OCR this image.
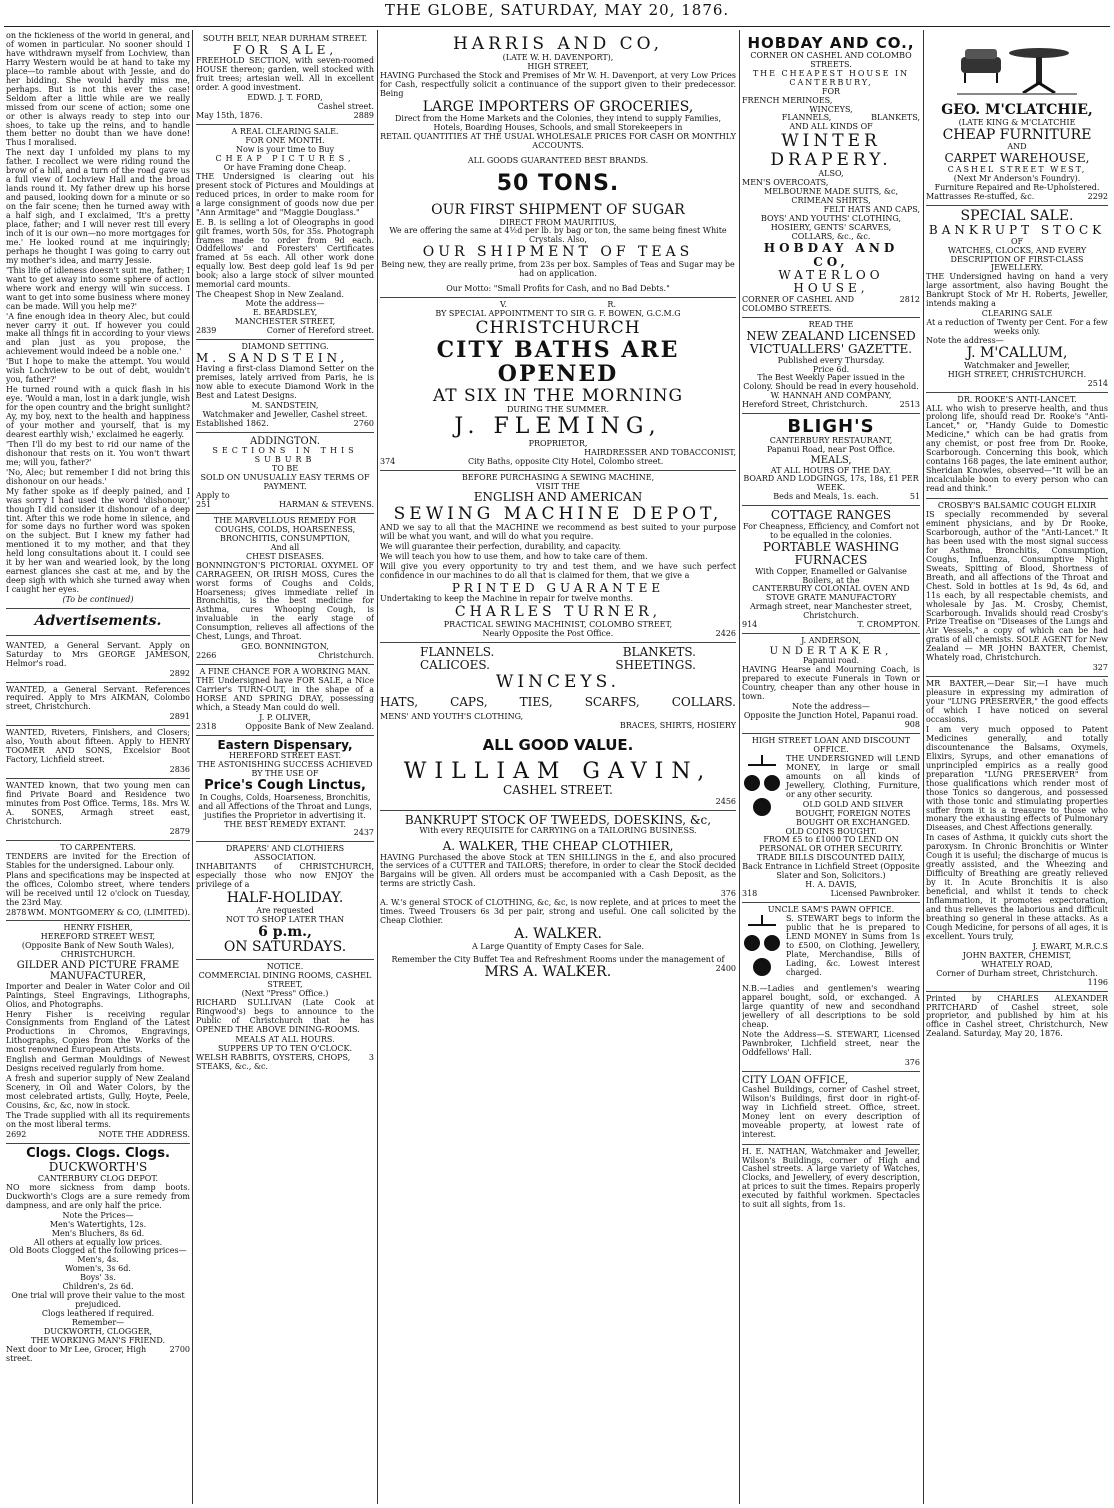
THE GLOBE, SATURDAY, MAY 20, 1876.

on the fickleness of the world in general, and of women in particular. No sooner should I have withdrawn myself from Lochview, than Harry Western would be at hand to take my place—to ramble about with Jessie, and do her bidding. She would hardly miss me, perhaps. But is not this ever the case! Seldom after a little while are we really missed from our scene of action; some one or other is always ready to step into our shoes, to take up the reins, and to handle them better no doubt than we have done! Thus I moralised.

The next day I unfolded my plans to my father. I recollect we were riding round the brow of a hill, and a turn of the road gave us a full view of Lochview Hall and the broad lands round it. My father drew up his horse and paused, looking down for a minute or so on the fair scene; then he turned away with a half sigh, and I exclaimed, 'It's a pretty place, father; and I will never rest till every inch of it is our own—no more mortgages for me.' He looked round at me inquiringly; perhaps he thought I was going to carry out my mother's idea, and marry Jessie.

'This life of idleness doesn't suit me, father; I want to get away into some sphere of action where work and energy will win success. I want to get into some business where money can be made. Will you help me?'

'A fine enough idea in theory Alec, but could never carry it out. If however you could make all things fit in according to your views and plan just as you propose, the achievement would indeed be a noble one.'

'But I hope to make the attempt. You would wish Lochview to be out of debt, wouldn't you, father?'

He turned round with a quick flash in his eye. 'Would a man, lost in a dark jungle, wish for the open country and the bright sunlight? Ay, my boy, next to the health and happiness of your mother and yourself, that is my dearest earthly wish,' exclaimed he eagerly.

'Then I'll do my best to rid our name of the dishonour that rests on it. You won't thwart me; will you, father?'

'No, Alec; but remember I did not bring this dishonour on our heads.'

My father spoke as if deeply pained, and I was sorry I had used the word 'dishonour,' though I did consider it dishonour of a deep tint. After this we rode home in silence, and for some days no further word was spoken on the subject. But I knew my father had mentioned it to my mother, and that they held long consultations about it. I could see it by her wan and wearied look, by the long earnest glances she cast at me, and by the deep sigh with which she turned away when I caught her eyes.

(To be continued)

Advertisements.

WANTED, a General Servant. Apply on Saturday to Mrs GEORGE JAMESON, Helmor's road.

2892

WANTED, a General Servant. References required. Apply to Mrs AIKMAN, Colombo street, Christchurch.

2891

WANTED, Riveters, Finishers, and Closers; also, Youth about fifteen. Apply to HENRY TOOMER AND SONS, Excelsior Boot Factory, Lichfield street.

2836

WANTED known, that two young men can find Private Board and Residence two minutes from Post Office. Terms, 18s. Mrs W. A. SONES, Armagh street east, Christchurch.

2879
TO CARPENTERS.

TENDERS are invited for the Erection of Stables for the undersigned. Labour only.

Plans and specifications may be inspected at the offices, Colombo street, where tenders will be received until 12 o'clock on Tuesday, the 23rd May.

2878 WM. MONTGOMERY & CO, (LIMITED).
HENRY FISHER,
HEREFORD STREET WEST,
(Opposite Bank of New South Wales),
CHRISTCHURCH.
GILDER AND PICTURE FRAME MANUFACTURER,

Importer and Dealer in Water Color and Oil Paintings, Steel Engravings, Lithographs, Olios, and Photographs.

Henry Fisher is receiving regular Consignments from England of the Latest Productions in Chromos, Engravings, Lithographs, Copies from the Works of the most renowned European Artists.

English and German Mouldings of Newest Designs received regularly from home.

A fresh and superior supply of New Zealand Scenery, in Oil and Water Colors, by the most celebrated artists, Gully, Hoyte, Peele, Cousins, &c, &c, now in stock.

The Trade supplied with all its requirements on the most liberal terms.

2692	NOTE THE ADDRESS.
Clogs. Clogs. Clogs.
DUCKWORTH'S
CANTERBURY CLOG DEPOT.

NO more sickness from damp boots. Duckworth's Clogs are a sure remedy from dampness, and are only half the price.

Note the Prices—
Men's Watertights, 12s.
Men's Bluchers, 8s 6d.
All others at equally low prices.
Old Boots Clogged at the following prices—
Men's, 4s.
Women's, 3s 6d.
Boys' 3s.
Children's, 2s 6d.
One trial will prove their value to the most prejudiced.
Clogs leathered if required.
Remember—
DUCKWORTH, CLOGGER,
THE WORKING MAN'S FRIEND.
Next door to Mr Lee, Grocer, High street.
2700
SOUTH BELT, NEAR DURHAM STREET.
FOR SALE,

FREEHOLD SECTION, with seven-roomed HOUSE thereon; garden, well stocked with fruit trees; artesian well. All in excellent order. A good investment.

EDWD. J. T. FORD,
Cashel street.
May 15th, 1876.	2889
A REAL CLEARING SALE.
FOR ONE MONTH.
Now is your time to Buy
CHEAP PICTURES,
Or have Framing done Cheap.

THE Undersigned is clearing out his present stock of Pictures and Mouldings at reduced prices, in order to make room for a large consignment of goods now due per "Ann Armitage" and "Maggie Douglass."

E. B. is selling a lot of Oleographs in good gilt frames, worth 50s, for 35s. Photograph frames made to order from 9d each. Oddfellows' and Foresters' Certificates framed at 5s each. All other work done equally low. Best deep gold leaf 1s 9d per book; also a large stock of silver mounted memorial card mounts.

The Cheapest Shop in New Zealand.
Mote the address—
E. BEARDSLEY,
MANCHESTER STREET,
2839	Corner of Hereford street.
DIAMOND SETTING.
M. SANDSTEIN,

Having a first-class Diamond Setter on the premises, lately arrived from Paris, he is now able to execute Diamond Work in the Best and Latest Designs.

M. SANDSTEIN,
Watchmaker and Jeweller, Cashel street.
Established 1862.	2760
ADDINGTON.
SECTIONS IN THIS SUBURB
TO BE
SOLD ON UNUSUALLY EASY TERMS OF PAYMENT.
Apply to
251	HARMAN & STEVENS.
THE MARVELLOUS REMEDY FOR COUGHS, COLDS, HOARSENESS, BRONCHITIS, CONSUMPTION,
And all
CHEST DISEASES.

BONNINGTON'S PICTORIAL OXYMEL OF CARRAGEEN, OR IRISH MOSS, Cures the worst forms of Coughs and Colds, Hoarseness; gives immediate relief in Bronchitis, is the best medicine for Asthma, cures Whooping Cough, is invaluable in the early stage of Consumption, relieves all affections of the Chest, Lungs, and Throat.

GEO. BONNINGTON,
2266	Christchurch.
A FINE CHANCE FOR A WORKING MAN.

THE Undersigned have FOR SALE, a Nice Carrier's TURN-OUT, in the shape of a HORSE AND SPRING DRAY, possessing which, a Steady Man could do well.

J. P. OLIVER,
2318	Opposite Bank of New Zealand.
Eastern Dispensary,
HEREFORD STREET EAST.
THE ASTONISHING SUCCESS ACHIEVED BY THE USE OF
Price's Cough Linctus,
In Coughs, Colds, Hoarseness, Bronchitis, and all Affections of the Throat and Lungs, justifies the Proprietor in advertising it.
THE BEST REMEDY EXTANT.
2437
DRAPERS' AND CLOTHIERS ASSOCIATION.

INHABITANTS of CHRISTCHURCH, especially those who now ENJOY the privilege of a

HALF-HOLIDAY.
Are requested
NOT TO SHOP LATER THAN
6 p.m.,
ON SATURDAYS.
NOTICE.
COMMERCIAL DINING ROOMS, CASHEL STREET,
(Next "Press" Office.)

RICHARD SULLIVAN (Late Cook at Ringwood's) begs to announce to the Public of Christchurch that he has OPENED THE ABOVE DINING-ROOMS.

MEALS AT ALL HOURS.
SUPPERS UP TO TEN O'CLOCK.
WELSH RABBITS, OYSTERS, CHOPS, STEAKS, &c., &c.
3
HARRIS AND CO,
(LATE W. H. DAVENPORT),
HIGH STREET,

HAVING Purchased the Stock and Premises of Mr W. H. Davenport, at very Low Prices for Cash, respectfully solicit a continuance of the support given to their predecessor. Being

LARGE IMPORTERS OF GROCERIES,
Direct from the Home Markets and the Colonies, they intend to supply Families, Hotels, Boarding Houses, Schools, and small Storekeepers in
RETAIL QUANTITIES AT THE USUAL WHOLESALE PRICES FOR CASH OR MONTHLY ACCOUNTS.
ALL GOODS GUARANTEED BEST BRANDS.
50 TONS.
OUR FIRST SHIPMENT OF SUGAR
DIRECT FROM MAURITIUS,
We are offering the same at 4½d per lb. by bag or ton, the same being finest White Crystals. Also,
OUR SHIPMENT OF TEAS
Being new, they are really prime, from 23s per box. Samples of Teas and Sugar may be had on application.
Our Motto: "Small Profits for Cash, and no Bad Debts."
V.	R.
BY SPECIAL APPOINTMENT TO SIR G. F. BOWEN, G.C.M.G
CHRISTCHURCH
CITY BATHS ARE OPENED
AT SIX IN THE MORNING
DURING THE SUMMER.
J. FLEMING,
PROPRIETOR,
HAIRDRESSER AND TOBACCONIST,
374	City Baths, opposite City Hotel, Colombo street.
BEFORE PURCHASING A SEWING MACHINE,
VISIT THE
ENGLISH AND AMERICAN
SEWING MACHINE DEPOT,

AND we say to all that the MACHINE we recommend as best suited to your purpose will be what you want, and will do what you require.

We will guarantee their perfection, durability, and capacity.

We will teach you how to use them, and how to take care of them.

Will give you every opportunity to try and test them, and we have such perfect confidence in our machines to do all that is claimed for them, that we give a

PRINTED GUARANTEE

Undertaking to keep the Machine in repair for twelve months.

CHARLES TURNER,
PRACTICAL SEWING MACHINIST, COLOMBO STREET,
Nearly Opposite the Post Office.	2426
FLANNELS.	BLANKETS.
CALICOES.	SHEETINGS.
WINCEYS.
HATS,	CAPS,	TIES,	SCARFS,	COLLARS.
MENS' AND YOUTH'S CLOTHING,
BRACES, SHIRTS, HOSIERY
ALL GOOD VALUE.
WILLIAM GAVIN,
CASHEL STREET.
2456
BANKRUPT STOCK OF TWEEDS, DOESKINS, &c,
With every REQUISITE for CARRYING on a TAILORING BUSINESS.
A. WALKER, THE CHEAP CLOTHIER,

HAVING Purchased the above Stock at TEN SHILLINGS in the £, and also procured the services of a CUTTER and TAILORS; therefore, in order to clear the Stock decided Bargains will be given. All orders must be accompanied with a Cash Deposit, as the terms are strictly Cash.

376

A. W.'s general STOCK of CLOTHING, &c, &c, is now replete, and at prices to meet the times. Tweed Trousers 6s 3d per pair, strong and useful. One call solicited by the Cheap Clothier.

A. WALKER.
A Large Quantity of Empty Cases for Sale.
Remember the City Buffet Tea and Refreshment Rooms under the management of
MRS A. WALKER.	2400
HOBDAY AND CO.,
CORNER ON CASHEL AND COLOMBO STREETS.
THE CHEAPEST HOUSE IN CANTERBURY,
FOR
FRENCH MERINOES,
WINCEYS,
FLANNELS,	BLANKETS,
AND ALL KINDS OF
WINTER DRAPERY.
ALSO,
MEN'S OVERCOATS,
MELBOURNE MADE SUITS, &c,
CRIMEAN SHIRTS,
FELT HATS AND CAPS,
BOYS' AND YOUTHS' CLOTHING, HOSIERY, GENTS' SCARVES,
COLLARS, &c., &c.
HOBDAY AND CO,
WATERLOO HOUSE,
CORNER OF CASHEL AND COLOMBO STREETS.
2812
READ THE
NEW ZEALAND LICENSED
VICTUALLERS' GAZETTE.
Published every Thursday.
Price 6d.
The Best Weekly Paper issued in the Colony. Should be read in every household.
W. HANNAH AND COMPANY,
Hereford Street, Christchurch.	2513
BLIGH'S
CANTERBURY RESTAURANT,
Papanui Road, near Post Office.
MEALS,
AT ALL HOURS OF THE DAY.
BOARD AND LODGINGS, 17s, 18s, £1 PER WEEK.
Beds and Meals, 1s. each.	51
COTTAGE RANGES
For Cheapness, Efficiency, and Comfort not to be equalled in the colonies.
PORTABLE WASHING FURNACES
With Copper, Enamelled or Galvanise Boilers, at the
CANTERBURY COLONIAL OVEN AND STOVE GRATE MANUFACTORY
Armagh street, near Manchester street, Christchurch.
914	T. CROMPTON.
J. ANDERSON,
UNDERTAKER,
Papanui road.

HAVING Hearse and Mourning Coach, is prepared to execute Funerals in Town or Country, cheaper than any other house in town.

Note the address—
Opposite the Junction Hotel, Papanui road.
908
HIGH STREET LOAN AND DISCOUNT OFFICE.

THE UNDERSIGNED will LEND MONEY, in large or small amounts on all kinds of Jewellery, Clothing, Furniture, or any other security.

OLD GOLD AND SILVER BOUGHT, FOREIGN NOTES BOUGHT OR EXCHANGED.
OLD COINS BOUGHT.
FROM £5 to £1000 TO LEND ON PERSONAL OR OTHER SECURITY.
TRADE BILLS DISCOUNTED DAILY,
Back Entrance in Lichfield Street (Opposite Slater and Son, Solicitors.)
H. A. DAVIS,
318	Licensed Pawnbroker.
UNCLE SAM'S PAWN OFFICE.

S. STEWART begs to inform the public that he is prepared to LEND MONEY in Sums from 1s to £500, on Clothing, Jewellery, Plate, Merchandise, Bills of Lading, &c. Lowest interest charged.

N.B.—Ladies and gentlemen's wearing apparel bought, sold, or exchanged. A large quantity of new and secondhand jewellery of all descriptions to be sold cheap.

Note the Address—S. STEWART, Licensed Pawnbroker, Lichfield street, near the Oddfellows' Hall.

376
CITY LOAN OFFICE,

Cashel Buildings, corner of Cashel street, Wilson's Buildings, first door in right-of-way in Lichfield street. Office, street. Money lent on every description of moveable property, at lowest rate of interest.

H. E. NATHAN, Watchmaker and Jeweller, Wilson's Buildings, corner of High and Cashel streets. A large variety of Watches, Clocks, and Jewellery, of every description, at prices to suit the times. Repairs properly executed by faithful workmen. Spectacles to suit all sights, from 1s.

GEO. M'CLATCHIE,
(LATE KING & M'CLATCHIE
CHEAP FURNITURE
AND
CARPET WAREHOUSE,
CASHEL STREET WEST,
(Next Mr Anderson's Foundry).
Furniture Repaired and Re-Upholstered.
Mattrasses Re-stuffed, &c.	2292
SPECIAL SALE.
BANKRUPT STOCK
OF
WATCHES, CLOCKS, AND EVERY DESCRIPTION OF FIRST-CLASS JEWELLERY.

THE Undersigned having on hand a very large assortment, also having Bought the Bankrupt Stock of Mr H. Roberts, Jeweller, intends making a

CLEARING SALE
At a reduction of Twenty per Cent. For a few weeks only.
Note the address—
J. M'CALLUM,
Watchmaker and Jeweller,
HIGH STREET, CHRISTCHURCH.
2514
DR. ROOKE'S ANTI-LANCET.

ALL who wish to preserve health, and thus prolong life, should read Dr. Rooke's "Anti-Lancet," or, "Handy Guide to Domestic Medicine," which can be had gratis from any chemist, or post free from Dr. Rooke, Scarborough. Concerning this book, which contains 168 pages, the late eminent author, Sheridan Knowles, observed—"It will be an incalculable boon to every person who can read and think."

CROSBY'S BALSAMIC COUGH ELIXIR

IS specially recommended by several eminent physicians, and by Dr Rooke, Scarborough, author of the "Anti-Lancet." It has been used with the most signal success for Asthma, Bronchitis, Consumption, Coughs, Influenza, Consumptive Night Sweats, Spitting of Blood, Shortness of Breath, and all affections of the Throat and Chest. Sold in bottles at 1s 9d, 4s 6d, and 11s each, by all respectable chemists, and wholesale by Jas. M. Crosby, Chemist, Scarborough. Invalids should read Crosby's Prize Treatise on "Diseases of the Lungs and Air Vessels," a copy of which can be had gratis of all chemists. SOLE AGENT for New Zealand — MR JOHN BAXTER, Chemist, Whately road, Christchurch.

327

MR BAXTER,—Dear Sir,—I have much pleasure in expressing my admiration of your "LUNG PRESERVER," the good effects of which I have noticed on several occasions.

I am very much opposed to Patent Medicines generally, and totally discountenance the Balsams, Oxymels, Elixirs, Syrups, and other emanations of unprincipled empirics as a really good preparation "LUNG PRESERVER" from those qualifications which render most of those Tonics so dangerous, and possessed with those tonic and stimulating properties suffer from it is a treasure to those who monary the exhausting effects of Pulmonary Diseases, and Chest Affections generally.

In cases of Asthma, it quickly cuts short the paroxysm. In Chronic Bronchitis or Winter Cough it is useful; the discharge of mucus is greatly assisted, and the Wheezing and Difficulty of Breathing are greatly relieved by it. In Acute Bronchitis it is also beneficial, and whilst it tends to check Inflammation, it promotes expectoration, and thus relieves the laborious and difficult breathing so general in these attacks. As a Cough Medicine, for persons of all ages, it is excellent. Yours truly,

J. EWART, M.R.C.S
JOHN BAXTER, CHEMIST,
WHATELY ROAD,
Corner of Durham street, Christchurch.
1196

Printed by CHARLES ALEXANDER PRITCHARD of Cashel street, sole proprietor, and published by him at his office in Cashel street, Christchurch, New Zealand. Saturday, May 20, 1876.
